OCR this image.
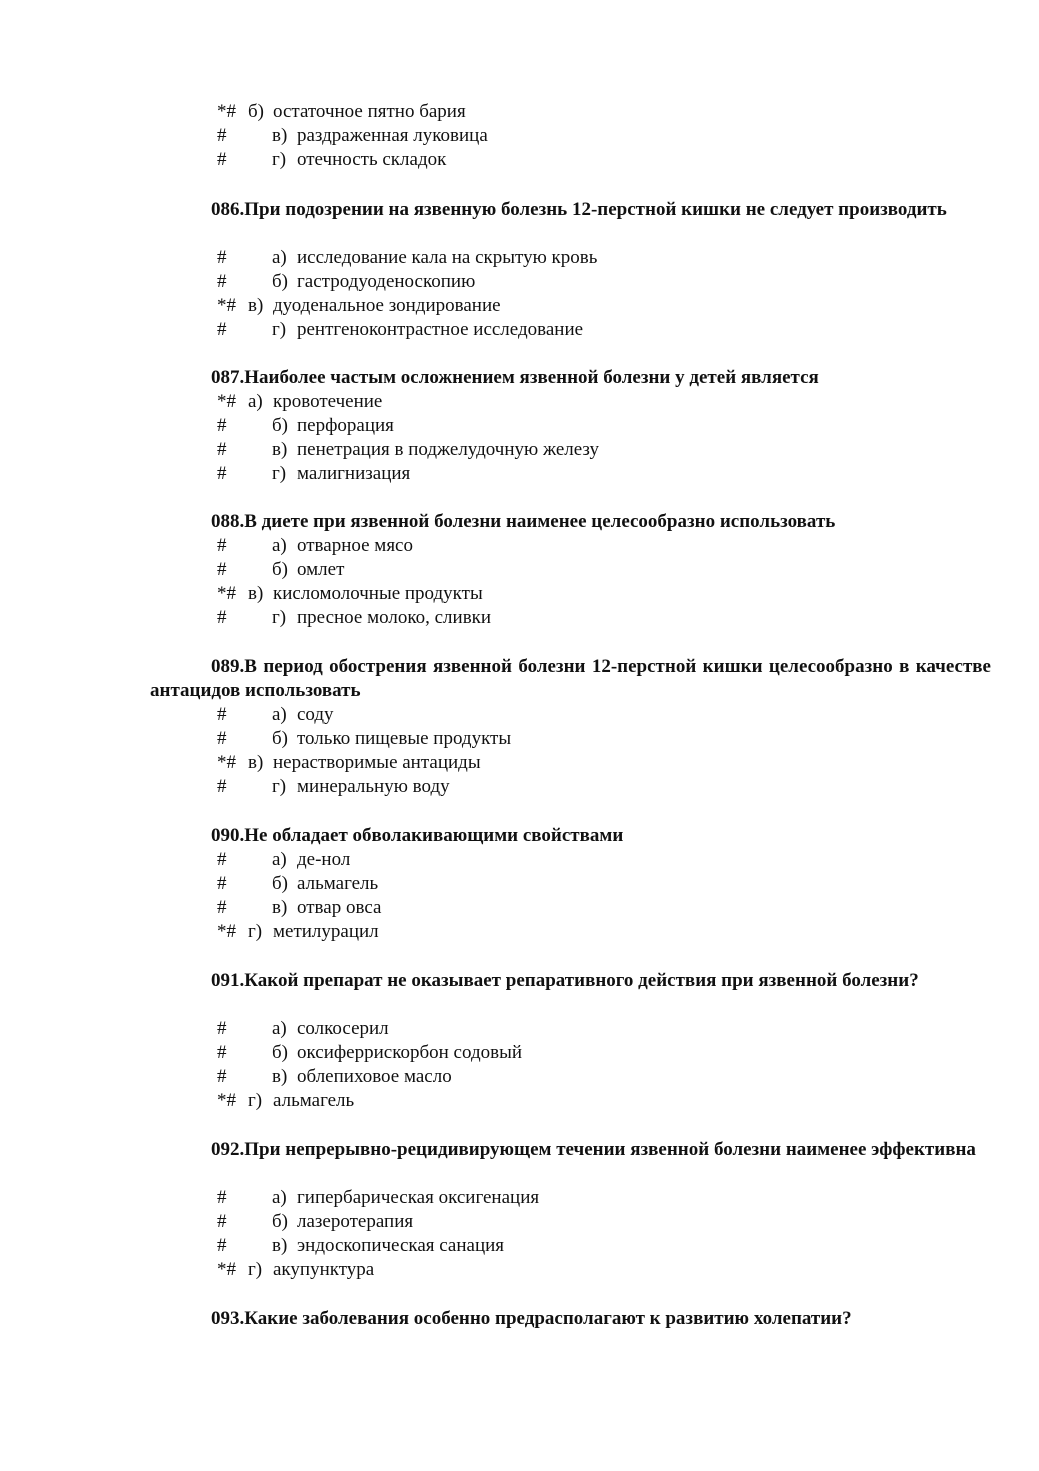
*# б) остаточное пятно бария
# в) раздраженная луковица
# г) отечность складок
086.При подозрении на язвенную болезнь 12-перстной кишки не следует производить
# а) исследование кала на скрытую кровь
# б) гастродуоденоскопию
*# в) дуоденальное зондирование
# г) рентгеноконтрастное исследование
087.Наиболее частым осложнением язвенной болезни у детей является
*# а) кровотечение
# б) перфорация
# в) пенетрация в поджелудочную железу
# г) малигнизация
088.В диете при язвенной болезни наименее целесообразно использовать
# а) отварное мясо
# б) омлет
*# в) кисломолочные продукты
# г) пресное молоко, сливки
089.В период обострения язвенной болезни 12-перстной кишки целесообразно в качестве антацидов использовать
# а) соду
# б) только пищевые продукты
*# в) нерастворимые антациды
# г) минеральную воду
090.Не обладает обволакивающими свойствами
# а) де-нол
# б) альмагель
# в) отвар овса
*# г) метилурацил
091.Какой препарат не оказывает репаративного действия при язвенной болезни?
# а) солкосерил
# б) оксиферрискорбон содовый
# в) облепиховое масло
*# г) альмагель
092.При непрерывно-рецидивирующем течении язвенной болезни наименее эффективна
# а) гипербарическая оксигенация
# б) лазеротерапия
# в) эндоскопическая санация
*# г) акупунктура
093.Какие заболевания особенно предрасполагают к развитию холепатии?
